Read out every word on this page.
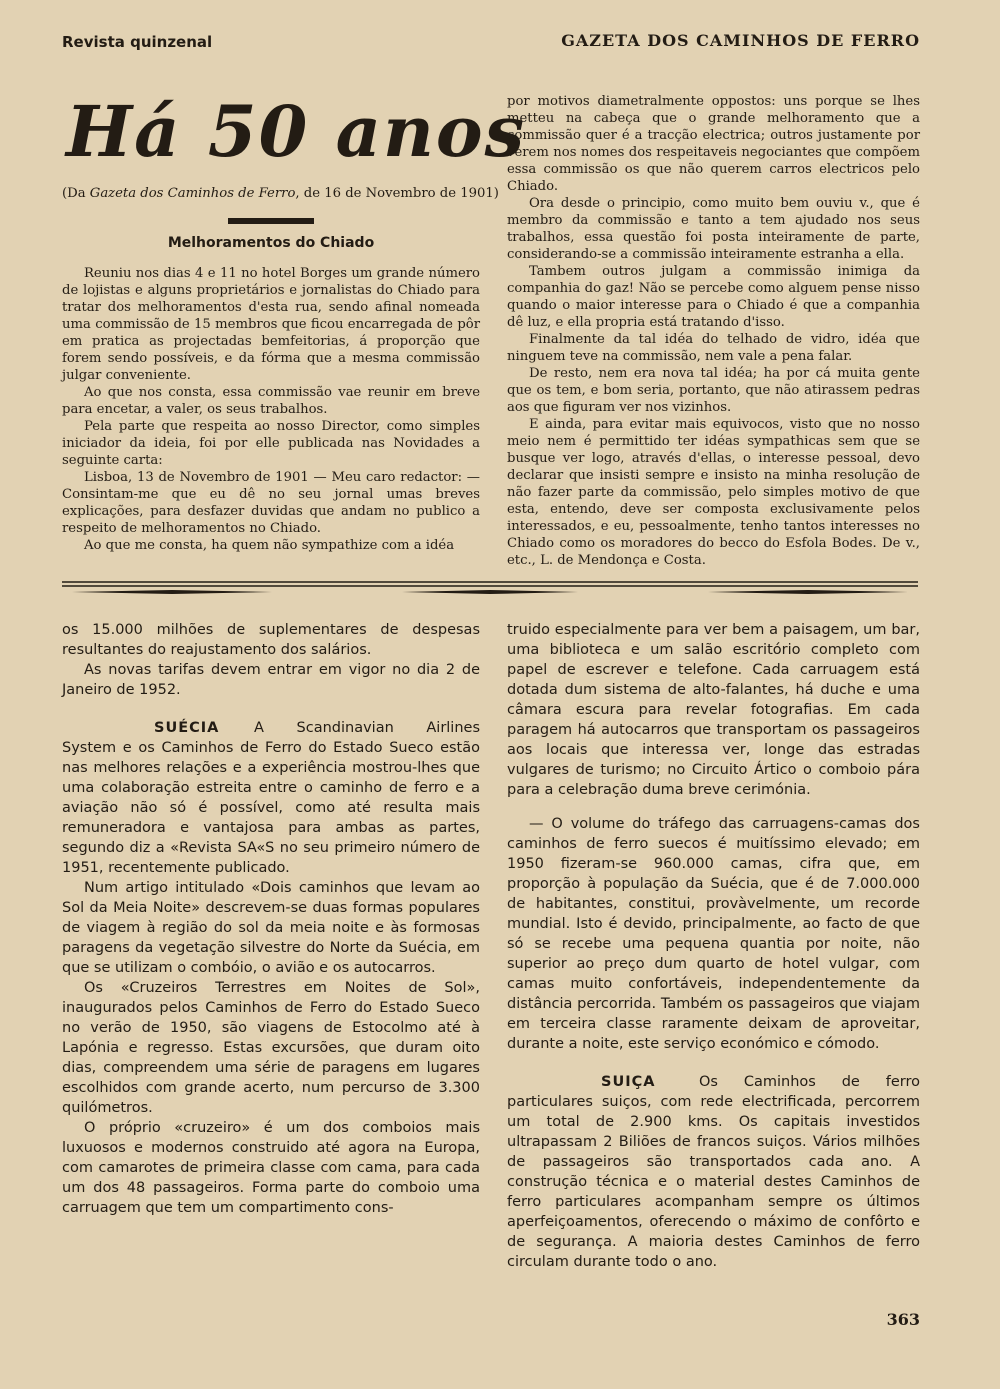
Revista quinzenal	GAZETA DOS CAMINHOS DE FERRO
Há 50 anos
(Da Gazeta dos Caminhos de Ferro, de 16 de Novembro de 1901)
Melhoramentos do Chiado

Reuniu nos dias 4 e 11 no hotel Borges um grande número de lojistas e alguns proprietários e jornalistas do Chiado para tratar dos melhoramentos d'esta rua, sendo afinal nomeada uma commissão de 15 membros que ficou encarregada de pôr em pratica as projectadas bemfeitorias, á proporção que forem sendo possíveis, e da fórma que a mesma commissão julgar conveniente.

Ao que nos consta, essa commissão vae reunir em breve para encetar, a valer, os seus trabalhos.

Pela parte que respeita ao nosso Director, como simples iniciador da ideia, foi por elle publicada nas Novidades a seguinte carta:

Lisboa, 13 de Novembro de 1901 — Meu caro redactor: — Consintam-me que eu dê no seu jornal umas breves explicações, para desfazer duvidas que andam no publico a respeito de melhoramentos no Chiado.

Ao que me consta, ha quem não sympathize com a idéa

por motivos diametralmente oppostos: uns porque se lhes metteu na cabeça que o grande melhoramento que a commissão quer é a tracção electrica; outros justamente por verem nos nomes dos respeitaveis negociantes que compõem essa commissão os que não querem carros electricos pelo Chiado.

Ora desde o principio, como muito bem ouviu v., que é membro da commissão e tanto a tem ajudado nos seus trabalhos, essa questão foi posta inteiramente de parte, considerando-se a commissão inteiramente estranha a ella.

Tambem outros julgam a commissão inimiga da companhia do gaz! Não se percebe como alguem pense nisso quando o maior interesse para o Chiado é que a companhia dê luz, e ella propria está tratando d'isso.

Finalmente da tal idéa do telhado de vidro, idéa que ninguem teve na commissão, nem vale a pena falar.

De resto, nem era nova tal idéa; ha por cá muita gente que os tem, e bom seria, portanto, que não atirassem pedras aos que figuram ver nos vizinhos.

E ainda, para evitar mais equivocos, visto que no nosso meio nem é permittido ter idéas sympathicas sem que se busque ver logo, através d'ellas, o interesse pessoal, devo declarar que insisti sempre e insisto na minha resolução de não fazer parte da commissão, pelo simples motivo de que esta, entendo, deve ser composta exclusivamente pelos interessados, e eu, pessoalmente, tenho tantos interesses no Chiado como os moradores do becco do Esfola Bodes. De v., etc., L. de Mendonça e Costa.

os 15.000 milhões de suplementares de despesas resultantes do reajustamento dos salários.

As novas tarifas devem entrar em vigor no dia 2 de Janeiro de 1952.

SUÉCIA A Scandinavian Airlines System e os Caminhos de Ferro do Estado Sueco estão nas melhores relações e a experiência mostrou-lhes que uma colaboração estreita entre o caminho de ferro e a aviação não só é possível, como até resulta mais remuneradora e vantajosa para ambas as partes, segundo diz a «Revista SA«S no seu primeiro número de 1951, recentemente publicado.

Num artigo intitulado «Dois caminhos que levam ao Sol da Meia Noite» descrevem-se duas formas populares de viagem à região do sol da meia noite e às formosas paragens da vegetação silvestre do Norte da Suécia, em que se utilizam o combóio, o avião e os autocarros.

Os «Cruzeiros Terrestres em Noites de Sol», inaugurados pelos Caminhos de Ferro do Estado Sueco no verão de 1950, são viagens de Estocolmo até à Lapónia e regresso. Estas excursões, que duram oito dias, compreendem uma série de paragens em lugares escolhidos com grande acerto, num percurso de 3.300 quilómetros.

O próprio «cruzeiro» é um dos comboios mais luxuosos e modernos construido até agora na Europa, com camarotes de primeira classe com cama, para cada um dos 48 passageiros. Forma parte do comboio uma carruagem que tem um compartimento cons-

truido especialmente para ver bem a paisagem, um bar, uma biblioteca e um salão escritório completo com papel de escrever e telefone. Cada carruagem está dotada dum sistema de alto-falantes, há duche e uma câmara escura para revelar fotografias. Em cada paragem há autocarros que transportam os passageiros aos locais que interessa ver, longe das estradas vulgares de turismo; no Circuito Ártico o comboio pára para a celebração duma breve cerimónia.

— O volume do tráfego das carruagens-camas dos caminhos de ferro suecos é muitíssimo elevado; em 1950 fizeram-se 960.000 camas, cifra que, em proporção à população da Suécia, que é de 7.000.000 de habitantes, constitui, provàvelmente, um recorde mundial. Isto é devido, principalmente, ao facto de que só se recebe uma pequena quantia por noite, não superior ao preço dum quarto de hotel vulgar, com camas muito confortáveis, independentemente da distância percorrida. Também os passageiros que viajam em terceira classe raramente deixam de aproveitar, durante a noite, este serviço económico e cómodo.

SUIÇA	Os Caminhos de ferro particulares suiços, com rede electrificada, percorrem um total de 2.900 kms. Os capitais investidos ultrapassam 2 Biliões de francos suiços. Vários milhões de passageiros são transportados cada ano. A construção técnica e o material destes Caminhos de ferro particulares acompanham sempre os últimos aperfeiçoamentos, oferecendo o máximo de confôrto e de segurança. A maioria destes Caminhos de ferro circulam durante todo o ano.

363
